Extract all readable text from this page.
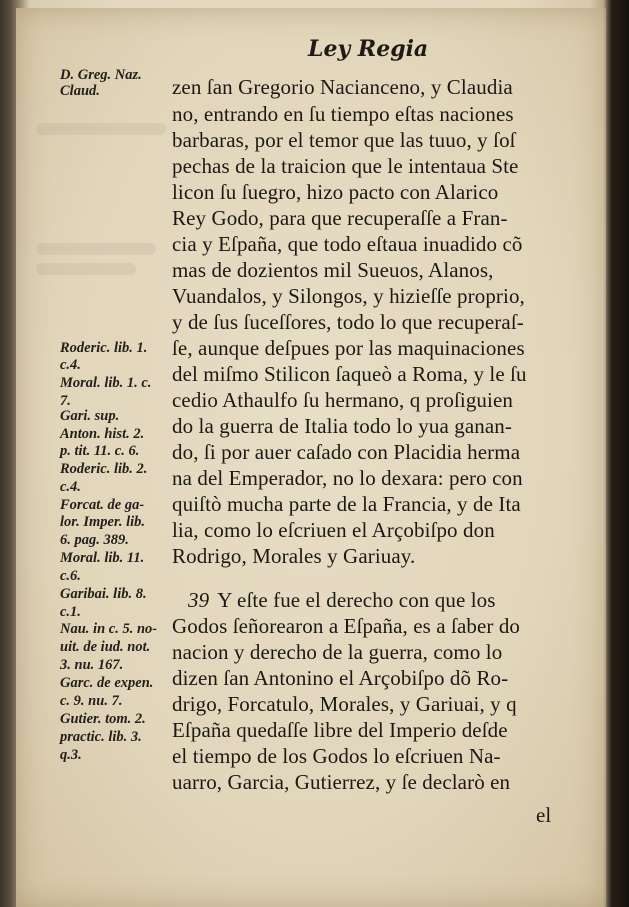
Ley Regia
D. Greg. Naz.
Claud.
Roderic. lib. 1.
c.4.
Moral. lib. 1. c.
7.
Gari. sup.
Anton. hist. 2.
p. tit. 11. c. 6.
Roderic. lib. 2.
c.4.
Forcat. de ga-
lor. Imper. lib.
6. pag. 389.
Moral. lib. 11.
c.6.
Garibai. lib. 8.
c.1.
Nau. in c. 5. no-
uit. de iud. not.
3. nu. 167.
Garc. de expen.
c. 9. nu. 7.
Gutier. tom. 2.
practic. lib. 3.
q.3.
zen ſan Gregorio Nacianceno, y Claudia
no, entrando en ſu tiempo eſtas naciones
barbaras, por el temor que las tuuo, y ſoſ
pechas de la traicion que le intentaua Ste
licon ſu ſuegro, hizo pacto con Alarico
Rey Godo, para que recuperaſſe a Fran-
cia y Eſpaña, que todo eſtaua inuadido cõ
mas de dozientos mil Sueuos, Alanos,
Vuandalos, y Silongos, y hizieſſe proprio,
y de ſus ſuceſſores, todo lo que recuperaſ-
ſe, aunque deſpues por las maquinaciones
del miſmo Stilicon ſaqueò a Roma, y le ſu
cedio Athaulfo ſu hermano, q proſiguien
do la guerra de Italia todo lo yua ganan-
do, ſi por auer caſado con Placidia herma
na del Emperador, no lo dexara: pero con
quiſtò mucha parte de la Francia, y de Ita
lia, como lo eſcriuen el Arçobiſpo don
Rodrigo, Morales y Gariuay.
39 Y eſte fue el derecho con que los
Godos ſeñorearon a Eſpaña, es a ſaber do
nacion y derecho de la guerra, como lo
dizen ſan Antonino el Arçobiſpo dõ Ro-
drigo, Forcatulo, Morales, y Gariuai, y q
Eſpaña quedaſſe libre del Imperio deſde
el tiempo de los Godos lo eſcriuen Na-
uarro, Garcia, Gutierrez, y ſe declarò en
el
